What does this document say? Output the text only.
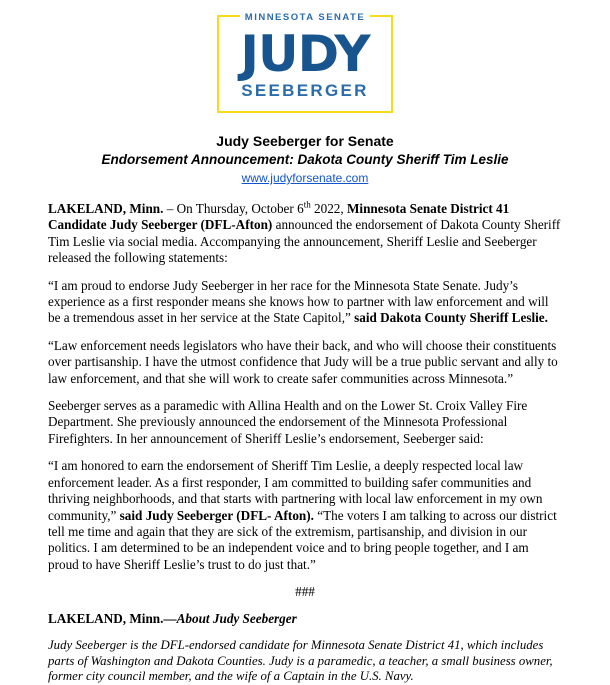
MINNESOTA SENATE
JUDY
SEEBERGER
Judy Seeberger for Senate
Endorsement Announcement: Dakota County Sheriff Tim Leslie
www.judyforsenate.com

LAKELAND, Minn. – On Thursday, October 6th 2022, Minnesota Senate District 41 Candidate Judy Seeberger (DFL-Afton) announced the endorsement of Dakota County Sheriff Tim Leslie via social media. Accompanying the announcement, Sheriff Leslie and Seeberger released the following statements:

“I am proud to endorse Judy Seeberger in her race for the Minnesota State Senate. Judy’s experience as a first responder means she knows how to partner with law enforcement and will be a tremendous asset in her service at the State Capitol,” said Dakota County Sheriff Leslie.

“Law enforcement needs legislators who have their back, and who will choose their constituents over partisanship. I have the utmost confidence that Judy will be a true public servant and ally to law enforcement, and that she will work to create safer communities across Minnesota.”

Seeberger serves as a paramedic with Allina Health and on the Lower St. Croix Valley Fire Department. She previously announced the endorsement of the Minnesota Professional Firefighters. In her announcement of Sheriff Leslie’s endorsement, Seeberger said:

“I am honored to earn the endorsement of Sheriff Tim Leslie, a deeply respected local law enforcement leader. As a first responder, I am committed to building safer communities and thriving neighborhoods, and that starts with partnering with local law enforcement in my own community,” said Judy Seeberger (DFL- Afton). “The voters I am talking to across our district tell me time and again that they are sick of the extremism, partisanship, and division in our politics. I am determined to be an independent voice and to bring people together, and I am proud to have Sheriff Leslie’s trust to do just that.”

###

LAKELAND, Minn.—About Judy Seeberger

Judy Seeberger is the DFL-endorsed candidate for Minnesota Senate District 41, which includes parts of Washington and Dakota Counties. Judy is a paramedic, a teacher, a small business owner, former city council member, and the wife of a Captain in the U.S. Navy.
